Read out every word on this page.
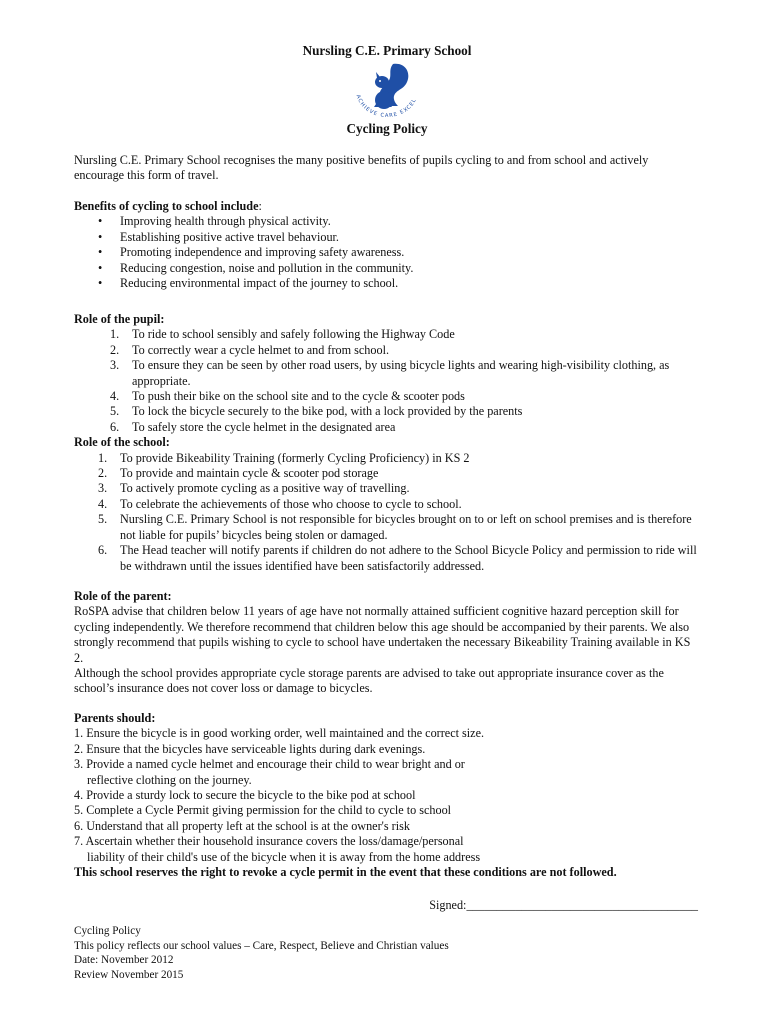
Nursling C.E. Primary School
ACHIEVE CARE EXCEL
Cycling Policy
Nursling C.E. Primary School recognises the many positive benefits of pupils cycling to and from school and actively encourage this form of travel.
Benefits of cycling to school include:
• Improving health through physical activity.
• Establishing positive active travel behaviour.
• Promoting independence and improving safety awareness.
• Reducing congestion, noise and pollution in the community.
• Reducing environmental impact of the journey to school.
Role of the pupil:
1. To ride to school sensibly and safely following the Highway Code
2. To correctly wear a cycle helmet to and from school.
3. To ensure they can be seen by other road users, by using bicycle lights and wearing high-visibility clothing, as appropriate.
4. To push their bike on the school site and to the cycle & scooter pods
5. To lock the bicycle securely to the bike pod, with a lock provided by the parents
6. To safely store the cycle helmet in the designated area
Role of the school:
1. To provide Bikeability Training (formerly Cycling Proficiency) in KS 2
2. To provide and maintain cycle & scooter pod storage
3. To actively promote cycling as a positive way of travelling.
4. To celebrate the achievements of those who choose to cycle to school.
5. Nursling C.E. Primary School is not responsible for bicycles brought on to or left on school premises and is therefore not liable for pupils’ bicycles being stolen or damaged.
6. The Head teacher will notify parents if children do not adhere to the School Bicycle Policy and permission to ride will be withdrawn until the issues identified have been satisfactorily addressed.
Role of the parent:
RoSPA advise that children below 11 years of age have not normally attained sufficient cognitive hazard perception skill for cycling independently. We therefore recommend that children below this age should be accompanied by their parents. We also strongly recommend that pupils wishing to cycle to school have undertaken the necessary Bikeability Training available in KS 2.
Although the school provides appropriate cycle storage parents are advised to take out appropriate insurance cover as the school’s insurance does not cover loss or damage to bicycles.
Parents should:
1. Ensure the bicycle is in good working order, well maintained and the correct size.
2. Ensure that the bicycles have serviceable lights during dark evenings.
3. Provide a named cycle helmet and encourage their child to wear bright and or
reflective clothing on the journey.
4. Provide a sturdy lock to secure the bicycle to the bike pod at school
5. Complete a Cycle Permit giving permission for the child to cycle to school
6. Understand that all property left at the school is at the owner's risk
7. Ascertain whether their household insurance covers the loss/damage/personal
liability of their child's use of the bicycle when it is away from the home address
This school reserves the right to revoke a cycle permit in the event that these conditions are not followed.
Signed:______________________________________
Cycling Policy
This policy reflects our school values – Care, Respect, Believe and Christian values
Date: November 2012
Review November 2015
